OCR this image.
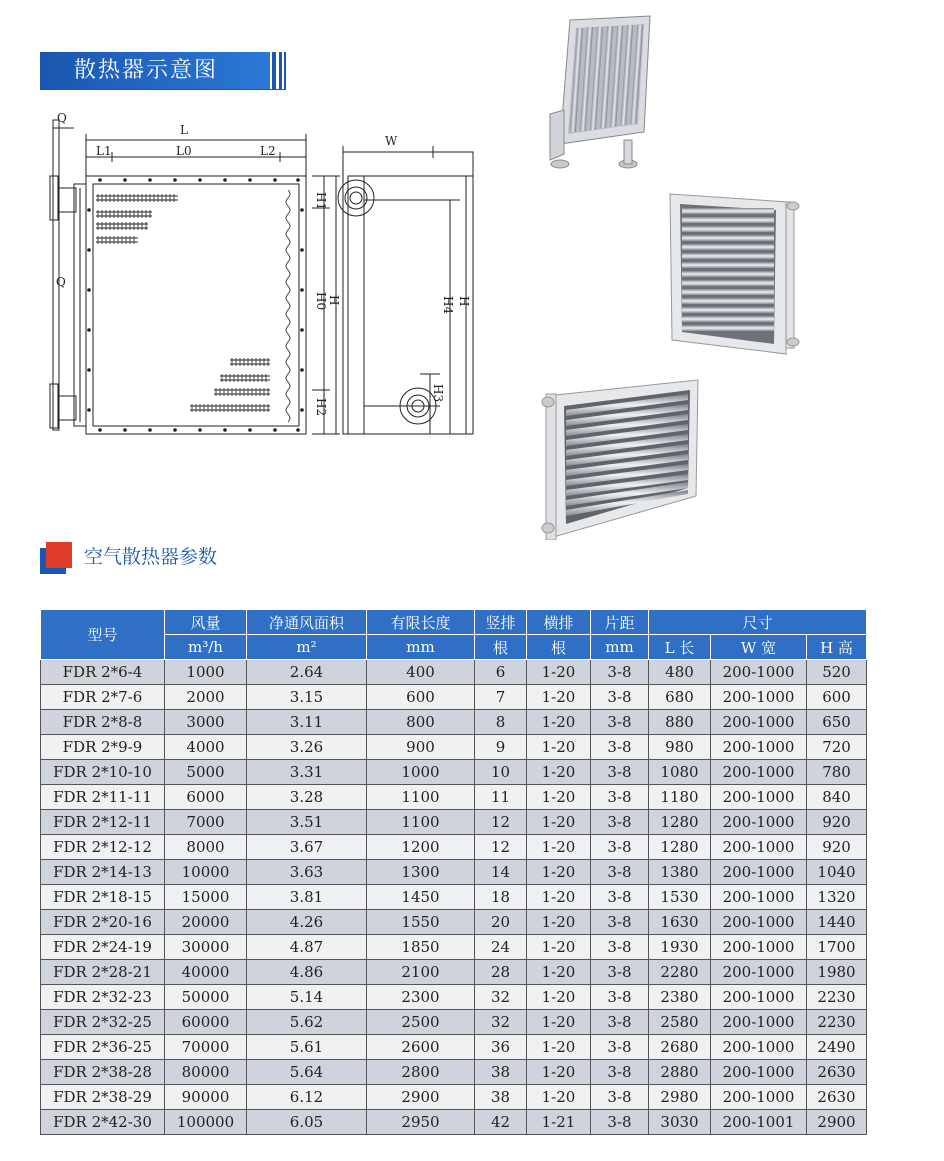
散热器示意图
Q
L
L1	L0	L2
Q
W
H1
H0 H
H2
H4 H
H3
空气散热器参数
型号	风量	净通风面积	有限长度	竖排	横排	片距	尺寸		
	m³/h	m²	mm	根	根	mm	L 长	W 宽	H 高
FDR 2*6-4	1000	2.64	400	6	1-20	3-8	480	200-1000	520
FDR 2*7-6	2000	3.15	600	7	1-20	3-8	680	200-1000	600
FDR 2*8-8	3000	3.11	800	8	1-20	3-8	880	200-1000	650
FDR 2*9-9	4000	3.26	900	9	1-20	3-8	980	200-1000	720
FDR 2*10-10	5000	3.31	1000	10	1-20	3-8	1080	200-1000	780
FDR 2*11-11	6000	3.28	1100	11	1-20	3-8	1180	200-1000	840
FDR 2*12-11	7000	3.51	1100	12	1-20	3-8	1280	200-1000	920
FDR 2*12-12	8000	3.67	1200	12	1-20	3-8	1280	200-1000	920
FDR 2*14-13	10000	3.63	1300	14	1-20	3-8	1380	200-1000	1040
FDR 2*18-15	15000	3.81	1450	18	1-20	3-8	1530	200-1000	1320
FDR 2*20-16	20000	4.26	1550	20	1-20	3-8	1630	200-1000	1440
FDR 2*24-19	30000	4.87	1850	24	1-20	3-8	1930	200-1000	1700
FDR 2*28-21	40000	4.86	2100	28	1-20	3-8	2280	200-1000	1980
FDR 2*32-23	50000	5.14	2300	32	1-20	3-8	2380	200-1000	2230
FDR 2*32-25	60000	5.62	2500	32	1-20	3-8	2580	200-1000	2230
FDR 2*36-25	70000	5.61	2600	36	1-20	3-8	2680	200-1000	2490
FDR 2*38-28	80000	5.64	2800	38	1-20	3-8	2880	200-1000	2630
FDR 2*38-29	90000	6.12	2900	38	1-20	3-8	2980	200-1000	2630
FDR 2*42-30	100000	6.05	2950	42	1-21	3-8	3030	200-1001	2900
